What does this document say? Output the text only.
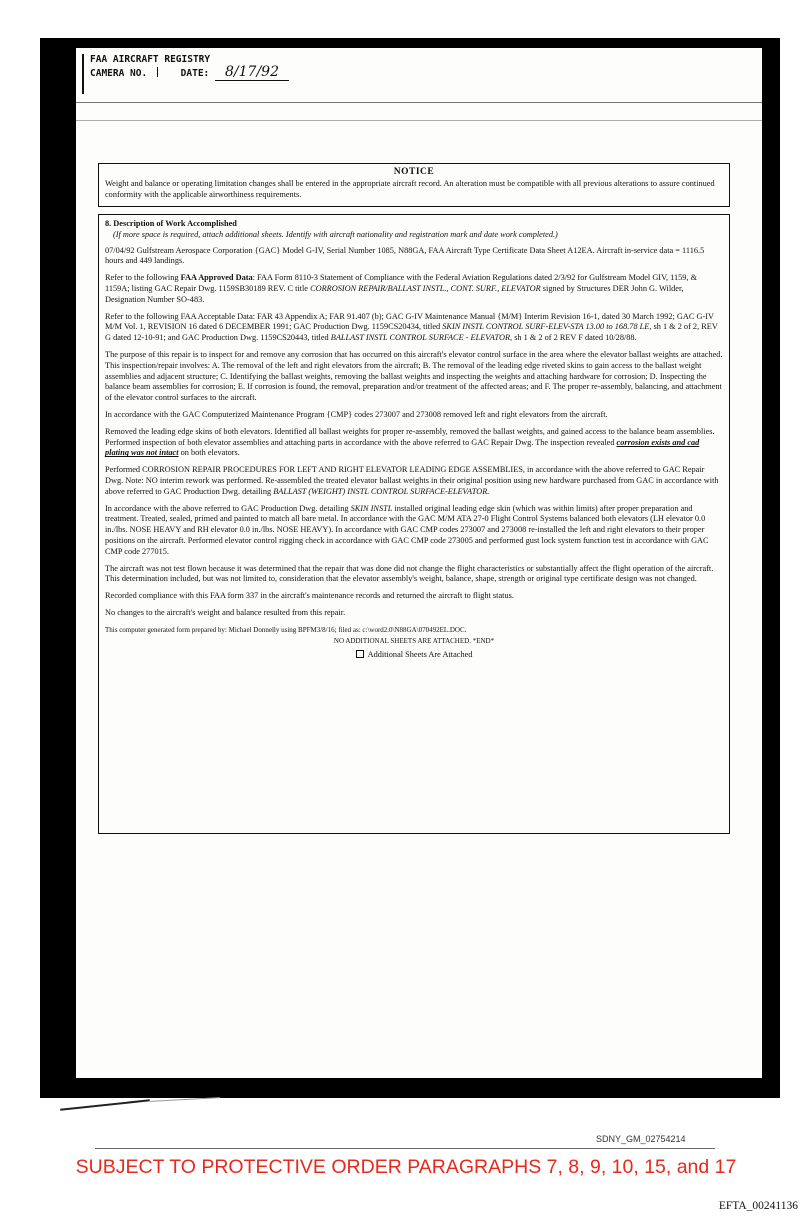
FAA AIRCRAFT REGISTRY
CAMERA NO.	DATE: 8/17/92
NOTICE
Weight and balance or operating limitation changes shall be entered in the appropriate aircraft record. An alteration must be compatible with all previous alterations to assure continued conformity with the applicable airworthiness requirements.
8. Description of Work Accomplished
(If more space is required, attach additional sheets. Identify with aircraft nationality and registration mark and date work completed.)

07/04/92 Gulfstream Aerospace Corporation {GAC} Model G-IV, Serial Number 1085, N88GA, FAA Aircraft Type Certificate Data Sheet A12EA. Aircraft in-service data = 1116.5 hours and 449 landings.

Refer to the following FAA Approved Data: FAA Form 8110-3 Statement of Compliance with the Federal Aviation Regulations dated 2/3/92 for Gulfstream Model GIV, 1159, & 1159A; listing GAC Repair Dwg. 1159SB30189 REV. C title CORROSION REPAIR/BALLAST INSTL., CONT. SURF., ELEVATOR signed by Structures DER John G. Wilder, Designation Number SO-483.

Refer to the following FAA Acceptable Data: FAR 43 Appendix A; FAR 91.407 (b); GAC G-IV Maintenance Manual {M/M} Interim Revision 16-1, dated 30 March 1992; GAC G-IV M/M Vol. 1, REVISION 16 dated 6 DECEMBER 1991; GAC Production Dwg. 1159CS20434, titled SKIN INSTL CONTROL SURF-ELEV-STA 13.00 to 168.78 LE, sh 1 & 2 of 2, REV G dated 12-10-91; and GAC Production Dwg. 1159CS20443, titled BALLAST INSTL CONTROL SURFACE - ELEVATOR, sh 1 & 2 of 2 REV F dated 10/28/88.

The purpose of this repair is to inspect for and remove any corrosion that has occurred on this aircraft's elevator control surface in the area where the elevator ballast weights are attached. This inspection/repair involves: A. The removal of the left and right elevators from the aircraft; B. The removal of the leading edge riveted skins to gain access to the ballast weight assemblies and adjacent structure; C. Identifying the ballast weights, removing the ballast weights and inspecting the weights and attaching hardware for corrosion; D. Inspecting the balance beam assemblies for corrosion; E. If corrosion is found, the removal, preparation and/or treatment of the affected areas; and F. The proper re-assembly, balancing, and attachment of the elevator control surfaces to the aircraft.

In accordance with the GAC Computerized Maintenance Program {CMP} codes 273007 and 273008 removed left and right elevators from the aircraft.

Removed the leading edge skins of both elevators. Identified all ballast weights for proper re-assembly, removed the ballast weights, and gained access to the balance beam assemblies. Performed inspection of both elevator assemblies and attaching parts in accordance with the above referred to GAC Repair Dwg. The inspection revealed corrosion exists and cad plating was not intact on both elevators.

Performed CORROSION REPAIR PROCEDURES FOR LEFT AND RIGHT ELEVATOR LEADING EDGE ASSEMBLIES, in accordance with the above referred to GAC Repair Dwg. Note: NO interim rework was performed. Re-assembled the treated elevator ballast weights in their original position using new hardware purchased from GAC in accordance with above referred to GAC Production Dwg. detailing BALLAST (WEIGHT) INSTL CONTROL SURFACE-ELEVATOR.

In accordance with the above referred to GAC Production Dwg. detailing SKIN INSTL installed original leading edge skin (which was within limits) after proper preparation and treatment. Treated, sealed, primed and painted to match all bare metal. In accordance with the GAC M/M ATA 27-0 Flight Control Systems balanced both elevators (LH elevator 0.0 in./lbs. NOSE HEAVY and RH elevator 0.0 in./lbs. NOSE HEAVY). In accordance with GAC CMP codes 273007 and 273008 re-installed the left and right elevators to their proper positions on the aircraft. Performed elevator control rigging check in accordance with GAC CMP code 273005 and performed gust lock system function test in accordance with GAC CMP code 277015.

The aircraft was not test flown because it was determined that the repair that was done did not change the flight characteristics or substantially affect the flight operation of the aircraft. This determination included, but was not limited to, consideration that the elevator assembly's weight, balance, shape, strength or original type certificate design was not changed.

Recorded compliance with this FAA form 337 in the aircraft's maintenance records and returned the aircraft to flight status.

No changes to the aircraft's weight and balance resulted from this repair.

This computer generated form prepared by: Michael Donnelly using BPFM3/8/16; filed as: c:\word2.0\N88GA\070492EL.DOC.
NO ADDITIONAL SHEETS ARE ATTACHED. *END*
Additional Sheets Are Attached
SDNY_GM_02754214
SUBJECT TO PROTECTIVE ORDER PARAGRAPHS 7, 8, 9, 10, 15, and 17
EFTA_00241136
